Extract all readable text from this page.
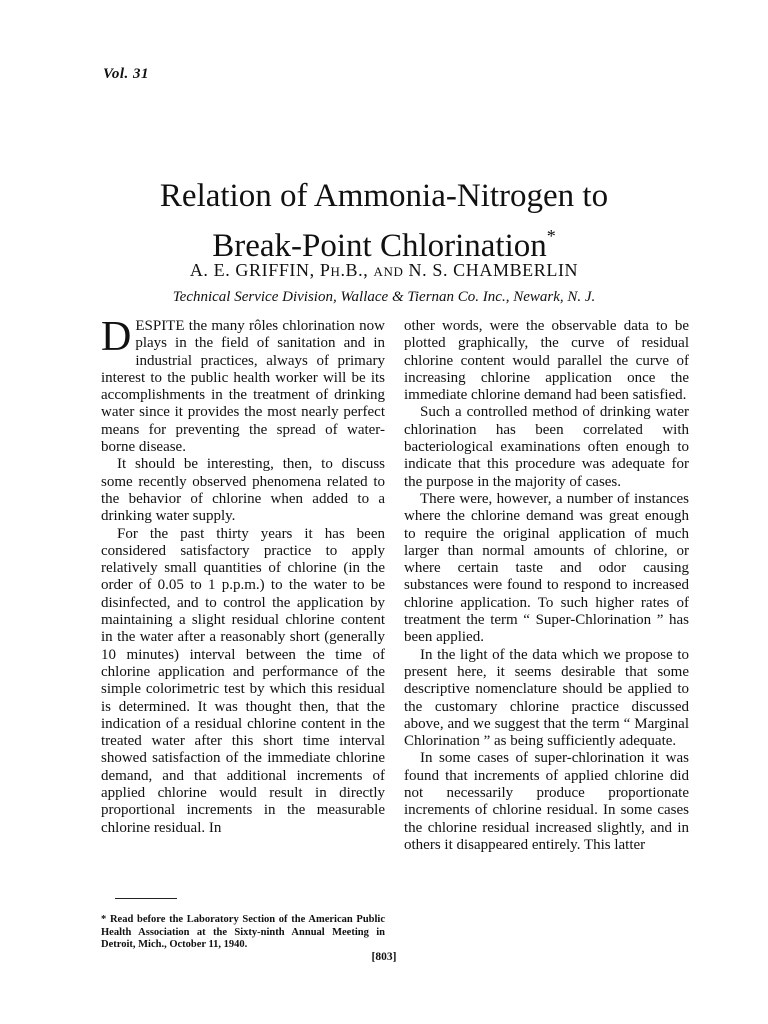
Vol. 31
Relation of Ammonia-Nitrogen to
Break-Point Chlorination*
A. E. GRIFFIN, Ph.B., and N. S. CHAMBERLIN
Technical Service Division, Wallace & Tiernan Co. Inc., Newark, N. J.

DESPITE the many rôles chlorination now plays in the field of sanitation and in industrial practices, always of primary interest to the public health worker will be its accomplishments in the treatment of drinking water since it provides the most nearly perfect means for preventing the spread of water-borne disease.

It should be interesting, then, to discuss some recently observed phenomena related to the behavior of chlorine when added to a drinking water supply.

For the past thirty years it has been considered satisfactory practice to apply relatively small quantities of chlorine (in the order of 0.05 to 1 p.p.m.) to the water to be disinfected, and to control the application by maintaining a slight residual chlorine content in the water after a reasonably short (generally 10 minutes) interval between the time of chlorine application and performance of the simple colorimetric test by which this residual is determined. It was thought then, that the indication of a residual chlorine content in the treated water after this short time interval showed satisfaction of the immediate chlorine demand, and that additional increments of applied chlorine would result in directly proportional increments in the measurable chlorine residual. In

other words, were the observable data to be plotted graphically, the curve of residual chlorine content would parallel the curve of increasing chlorine application once the immediate chlorine demand had been satisfied.

Such a controlled method of drinking water chlorination has been correlated with bacteriological examinations often enough to indicate that this procedure was adequate for the purpose in the majority of cases.

There were, however, a number of instances where the chlorine demand was great enough to require the original application of much larger than normal amounts of chlorine, or where certain taste and odor causing substances were found to respond to increased chlorine application. To such higher rates of treatment the term “ Super-Chlorination ” has been applied.

In the light of the data which we propose to present here, it seems desirable that some descriptive nomenclature should be applied to the customary chlorine practice discussed above, and we suggest that the term “ Marginal Chlorination ” as being sufficiently adequate.

In some cases of super-chlorination it was found that increments of applied chlorine did not necessarily produce proportionate increments of chlorine residual. In some cases the chlorine residual increased slightly, and in others it disappeared entirely. This latter

* Read before the Laboratory Section of the American Public Health Association at the Sixty-ninth Annual Meeting in Detroit, Mich., October 11, 1940.
[803]
